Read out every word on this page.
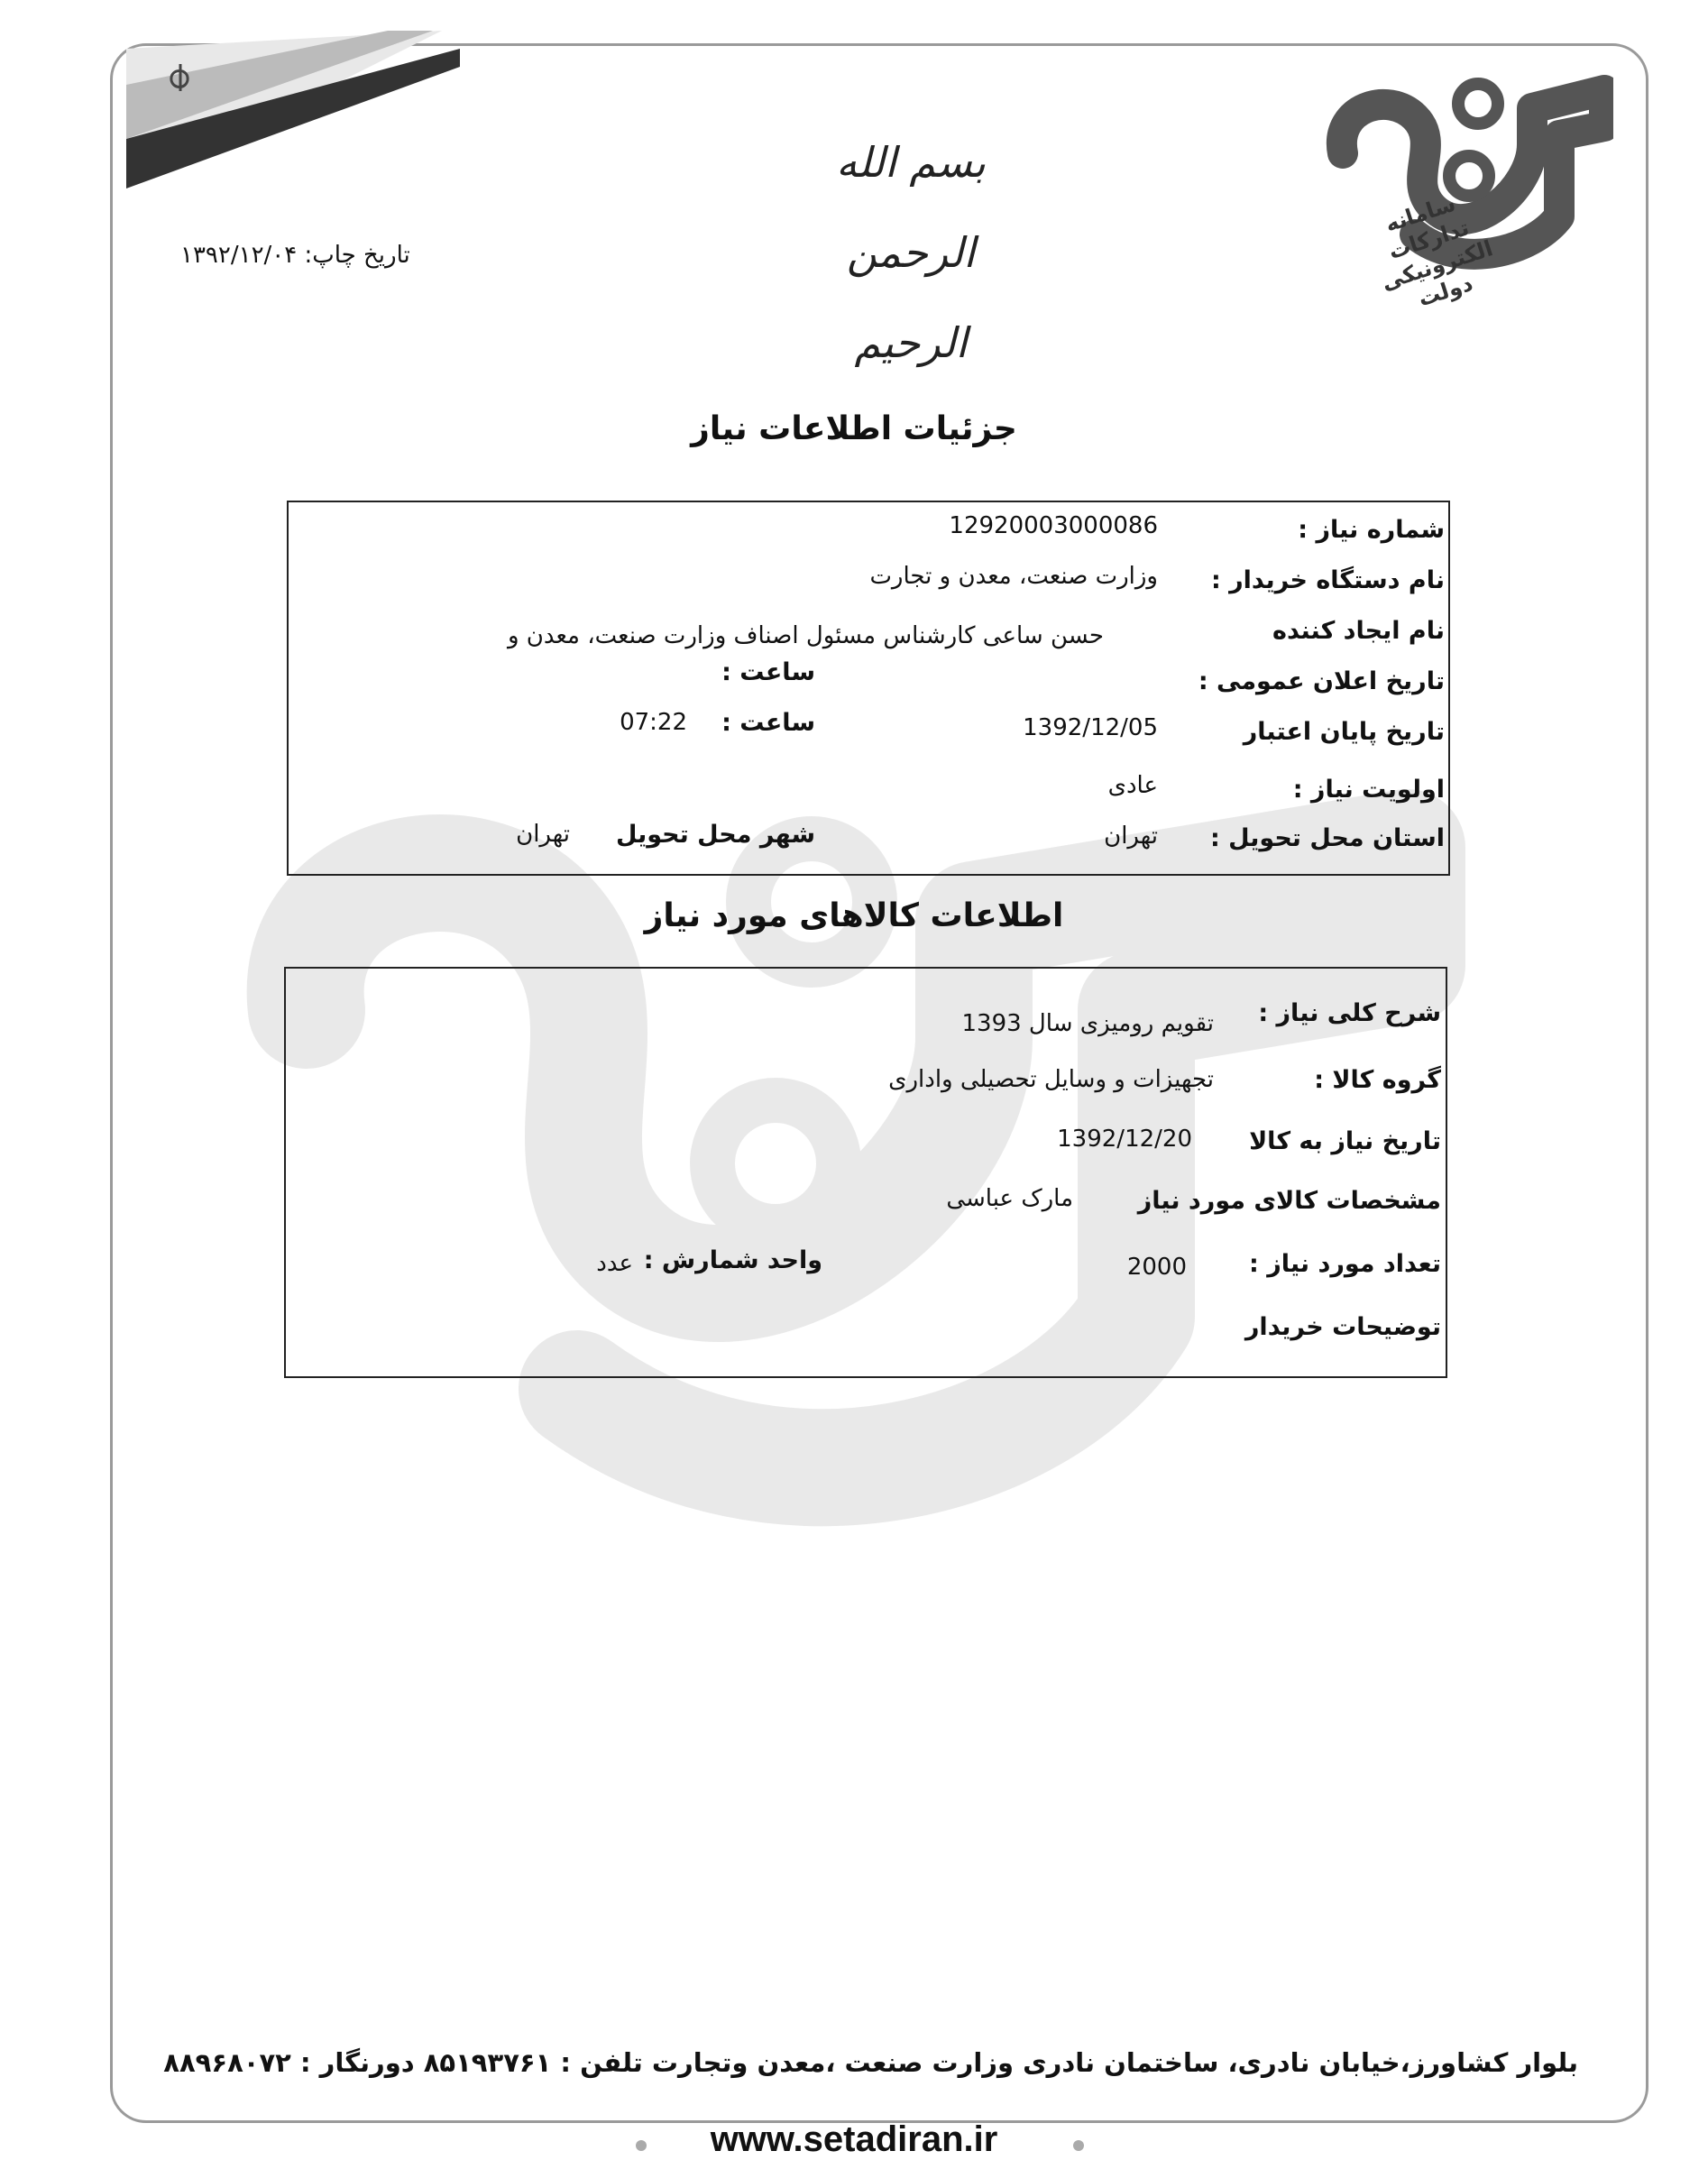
بسم الله الرحمن الرحیم
تاریخ چاپ: ۱۳۹۲/۱۲/۰۴
سامانه تدارکات الکترونیکی دولت
جزئیات اطلاعات نیاز
شماره نیاز :
12920003000086
نام دستگاه خریدار :
وزارت صنعت، معدن و تجارت
نام ایجاد کننده
حسن ساعی کارشناس مسئول اصناف وزارت صنعت، معدن و
تاریخ اعلان عمومی :
ساعت :
تاریخ پایان اعتبار
1392/12/05
ساعت :
07:22
اولویت نیاز :
عادی
استان محل تحویل :
تهران
شهر محل تحویل
تهران
اطلاعات کالاهای مورد نیاز
شرح کلی نیاز :
تقویم رومیزی سال 1393
گروه کالا :
تجهیزات و وسایل تحصیلی واداری
تاریخ نیاز به کالا
1392/12/20
مشخصات کالای مورد نیاز
مارک عباسی
تعداد مورد نیاز :
2000
واحد شمارش :
عدد
توضیحات خریدار
بلوار کشاورز،خیابان نادری، ساختمان نادری وزارت صنعت ،معدن وتجارت تلفن : ۸۵۱۹۳۷۶۱ دورنگار : ۸۸۹۶۸۰۷۲
www.setadiran.ir
